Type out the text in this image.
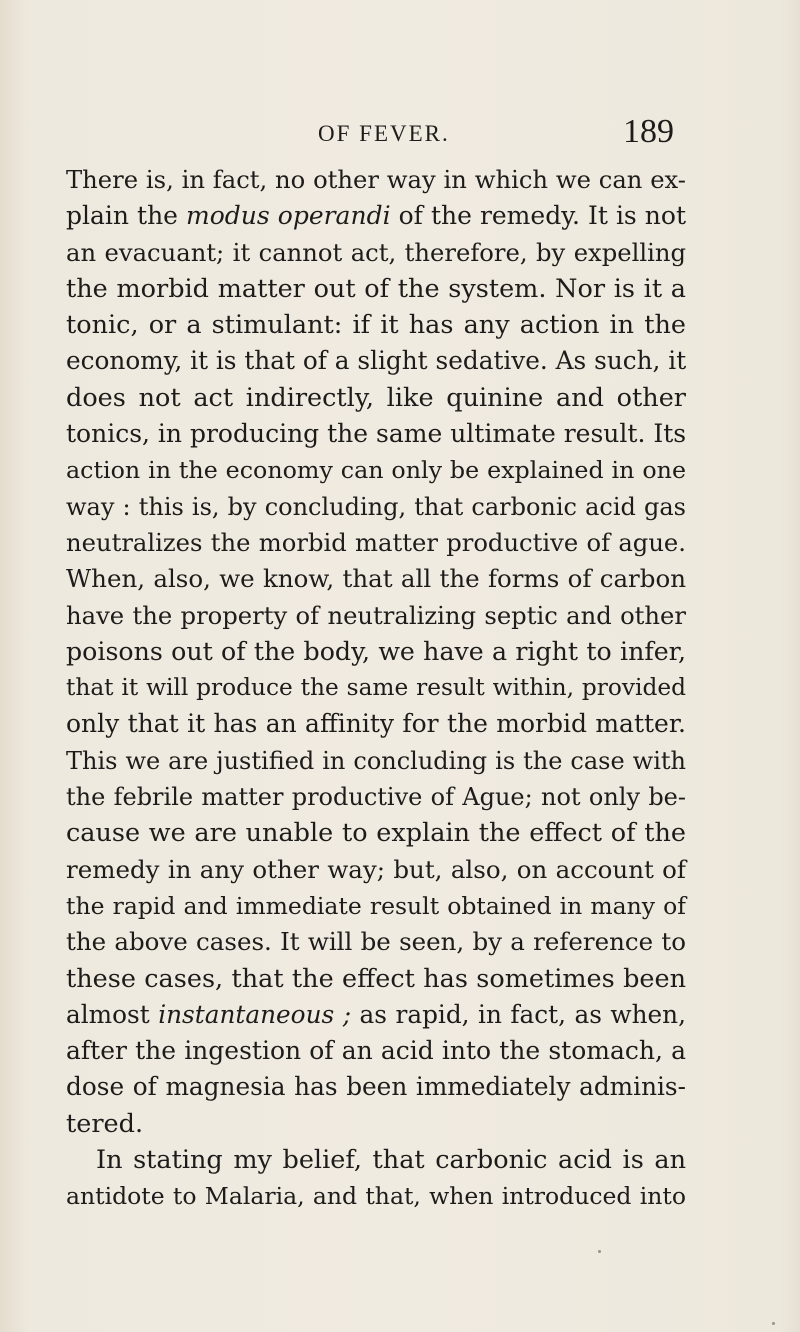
OF FEVER.	189
There is, in fact, no other way in which we can ex-
plain the modus operandi of the remedy. It is not
an evacuant; it cannot act, therefore, by expelling
the morbid matter out of the system. Nor is it a
tonic, or a stimulant: if it has any action in the
economy, it is that of a slight sedative. As such, it
does not act indirectly, like quinine and other
tonics, in producing the same ultimate result. Its
action in the economy can only be explained in one
way : this is, by concluding, that carbonic acid gas
neutralizes the morbid matter productive of ague.
When, also, we know, that all the forms of carbon
have the property of neutralizing septic and other
poisons out of the body, we have a right to infer,
that it will produce the same result within, provided
only that it has an affinity for the morbid matter.
This we are justified in concluding is the case with
the febrile matter productive of Ague; not only be-
cause we are unable to explain the effect of the
remedy in any other way; but, also, on account of
the rapid and immediate result obtained in many of
the above cases. It will be seen, by a reference to
these cases, that the effect has sometimes been
almost instantaneous ; as rapid, in fact, as when,
after the ingestion of an acid into the stomach, a
dose of magnesia has been immediately adminis-
tered.
In stating my belief, that carbonic acid is an
antidote to Malaria, and that, when introduced into
